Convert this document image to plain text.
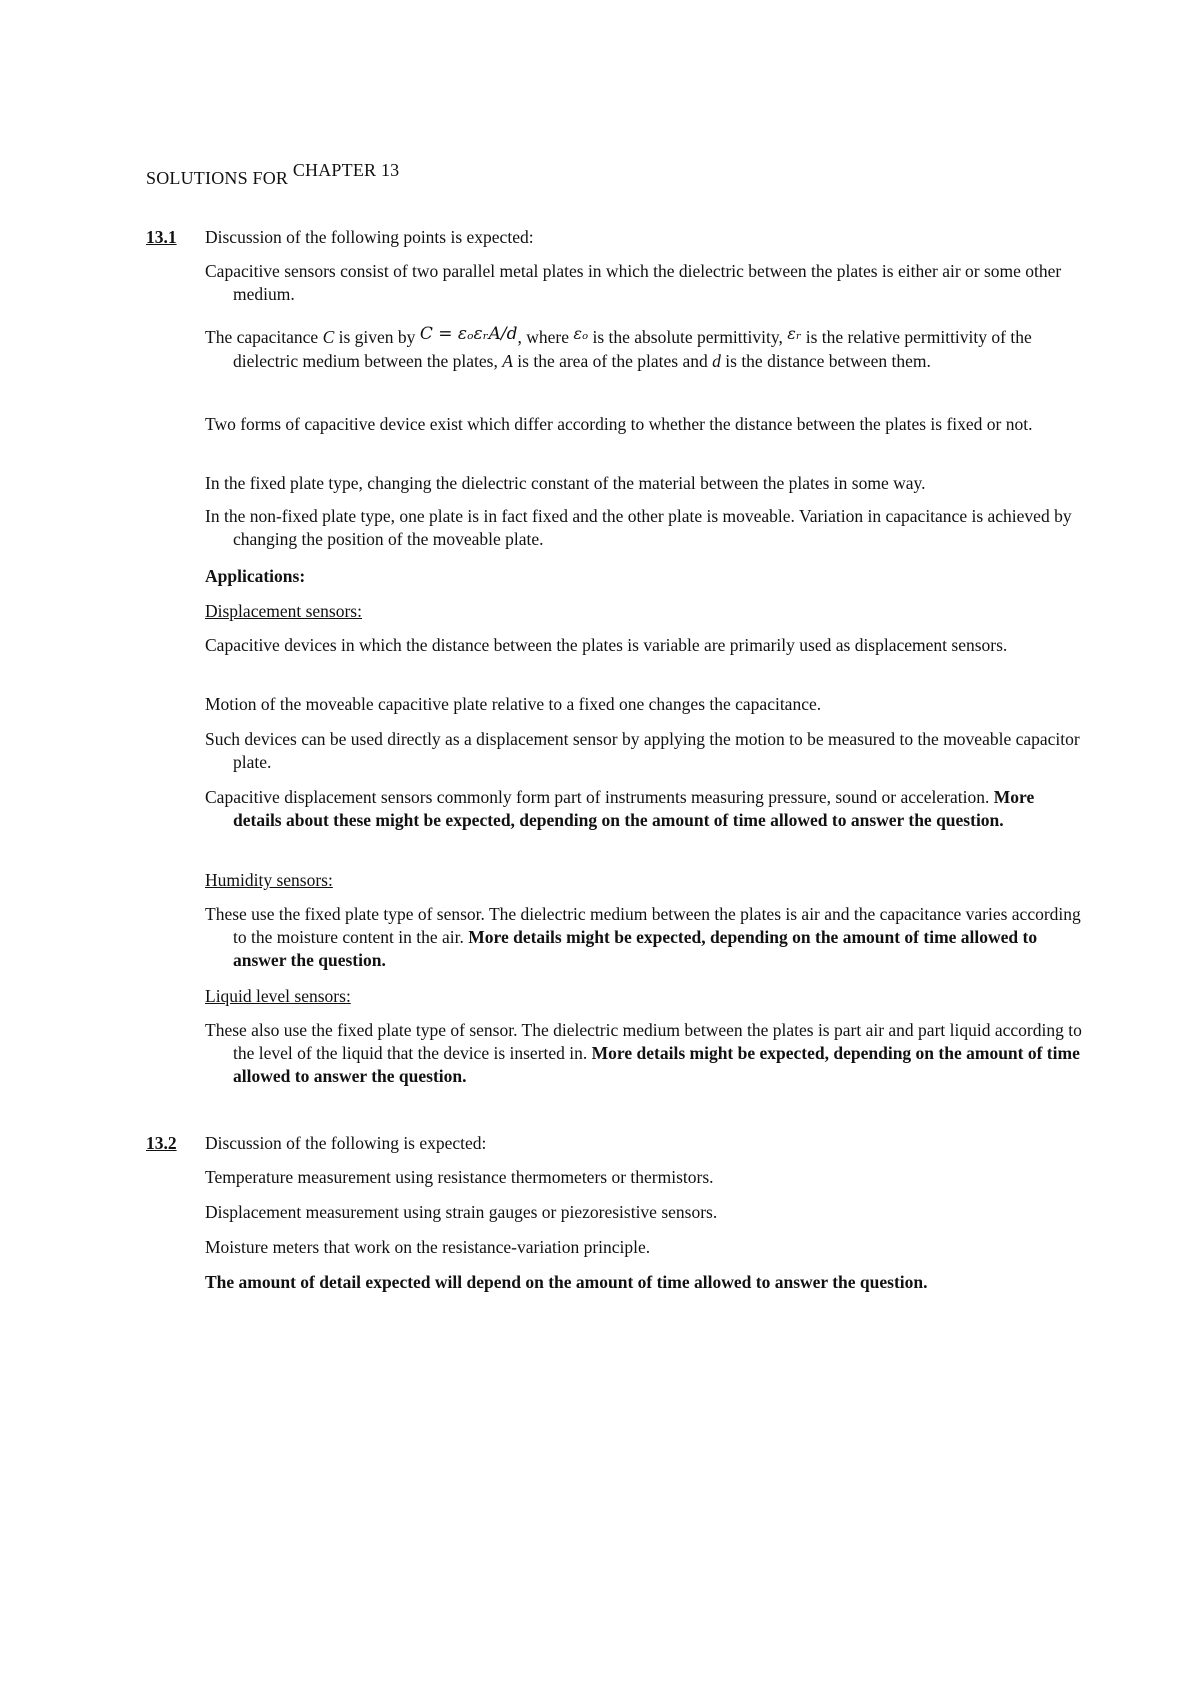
SOLUTIONS FOR CHAPTER 13
13.1 Discussion of the following points is expected:

Capacitive sensors consist of two parallel metal plates in which the dielectric between the plates is either air or some other medium.

The capacitance C is given by C = εₒεᵣA/d, where εₒ is the absolute permittivity, εᵣ is the relative permittivity of the dielectric medium between the plates, A is the area of the plates and d is the distance between them.

Two forms of capacitive device exist which differ according to whether the distance between the plates is fixed or not.

In the fixed plate type, changing the dielectric constant of the material between the plates in some way.

In the non-fixed plate type, one plate is in fact fixed and the other plate is moveable. Variation in capacitance is achieved by changing the position of the moveable plate.

Applications:

Displacement sensors:

Capacitive devices in which the distance between the plates is variable are primarily used as displacement sensors.

Motion of the moveable capacitive plate relative to a fixed one changes the capacitance.

Such devices can be used directly as a displacement sensor by applying the motion to be measured to the moveable capacitor plate.

Capacitive displacement sensors commonly form part of instruments measuring pressure, sound or acceleration. More details about these might be expected, depending on the amount of time allowed to answer the question.

Humidity sensors:

These use the fixed plate type of sensor. The dielectric medium between the plates is air and the capacitance varies according to the moisture content in the air. More details might be expected, depending on the amount of time allowed to answer the question.

Liquid level sensors:

These also use the fixed plate type of sensor. The dielectric medium between the plates is part air and part liquid according to the level of the liquid that the device is inserted in. More details might be expected, depending on the amount of time allowed to answer the question.

13.2 Discussion of the following is expected:

Temperature measurement using resistance thermometers or thermistors.

Displacement measurement using strain gauges or piezoresistive sensors.

Moisture meters that work on the resistance-variation principle.

The amount of detail expected will depend on the amount of time allowed to answer the question.
